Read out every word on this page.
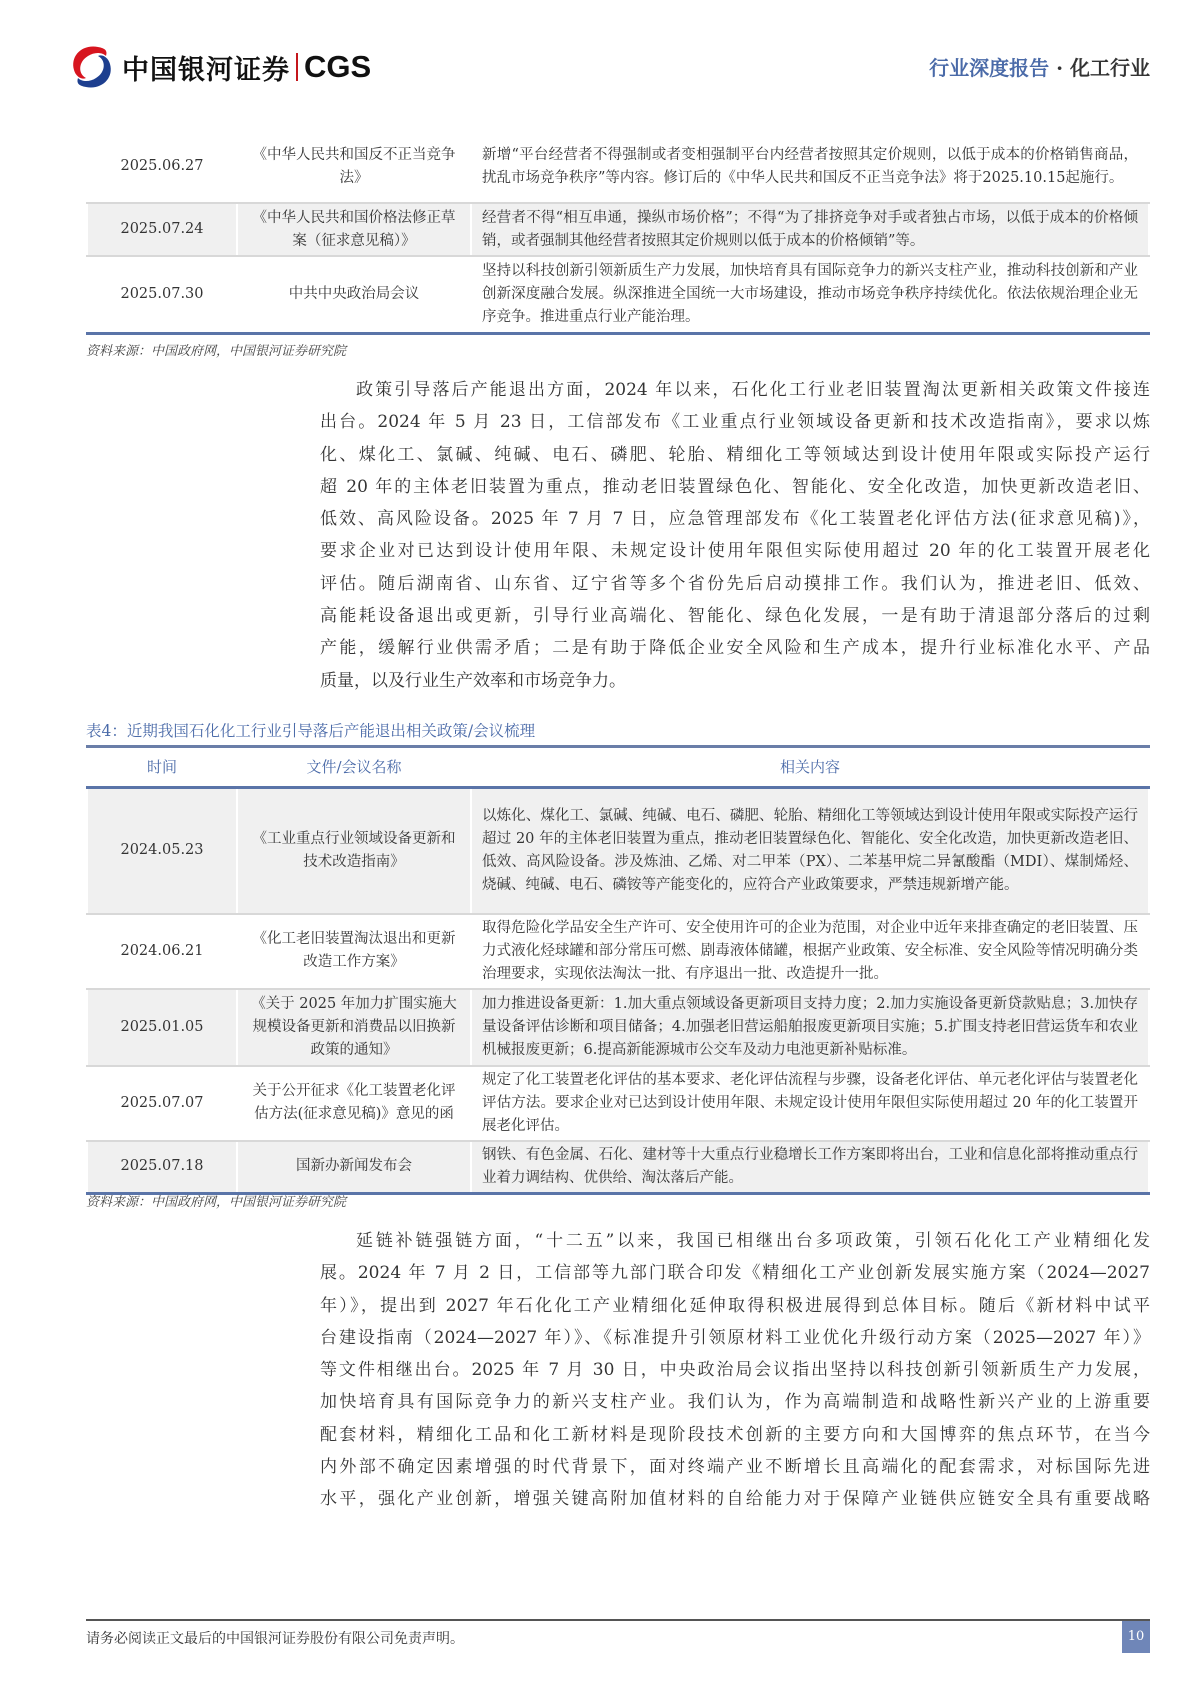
中国银河证券 CGS	行业深度报告 · 化工行业
2025.06.27	《中华人民共和国反不正当竞争法》	新增“平台经营者不得强制或者变相强制平台内经营者按照其定价规则，以低于成本的价格销售商品，扰乱市场竞争秩序”等内容。修订后的《中华人民共和国反不正当竞争法》将于2025.10.15起施行。
2025.07.24	《中华人民共和国价格法修正草案（征求意见稿）》	经营者不得“相互串通，操纵市场价格”；不得“为了排挤竞争对手或者独占市场，以低于成本的价格倾销，或者强制其他经营者按照其定价规则以低于成本的价格倾销”等。
2025.07.30	中共中央政治局会议	坚持以科技创新引领新质生产力发展，加快培育具有国际竞争力的新兴支柱产业，推动科技创新和产业创新深度融合发展。纵深推进全国统一大市场建设，推动市场竞争秩序持续优化。依法依规治理企业无序竞争。推进重点行业产能治理。
资料来源：中国政府网，中国银河证券研究院
政策引导落后产能退出方面，2024 年以来，石化化工行业老旧装置淘汰更新相关政策文件接连
出台。2024 年 5 月 23 日，工信部发布《工业重点行业领域设备更新和技术改造指南》，要求以炼
化、煤化工、氯碱、纯碱、电石、磷肥、轮胎、精细化工等领域达到设计使用年限或实际投产运行
超 20 年的主体老旧装置为重点，推动老旧装置绿色化、智能化、安全化改造，加快更新改造老旧、
低效、高风险设备。2025 年 7 月 7 日，应急管理部发布《化工装置老化评估方法(征求意见稿)》，
要求企业对已达到设计使用年限、未规定设计使用年限但实际使用超过 20 年的化工装置开展老化
评估。随后湖南省、山东省、辽宁省等多个省份先后启动摸排工作。我们认为，推进老旧、低效、
高能耗设备退出或更新，引导行业高端化、智能化、绿色化发展，一是有助于清退部分落后的过剩
产能，缓解行业供需矛盾；二是有助于降低企业安全风险和生产成本，提升行业标准化水平、产品
质量，以及行业生产效率和市场竞争力。
表4：近期我国石化化工行业引导落后产能退出相关政策/会议梳理
时间	文件/会议名称	相关内容
2024.05.23	《工业重点行业领域设备更新和技术改造指南》	以炼化、煤化工、氯碱、纯碱、电石、磷肥、轮胎、精细化工等领域达到设计使用年限或实际投产运行超过 20 年的主体老旧装置为重点，推动老旧装置绿色化、智能化、安全化改造，加快更新改造老旧、低效、高风险设备。涉及炼油、乙烯、对二甲苯（PX）、二苯基甲烷二异氰酸酯（MDI）、煤制烯烃、烧碱、纯碱、电石、磷铵等产能变化的，应符合产业政策要求，严禁违规新增产能。
2024.06.21	《化工老旧装置淘汰退出和更新改造工作方案》	取得危险化学品安全生产许可、安全使用许可的企业为范围，对企业中近年来排查确定的老旧装置、压力式液化烃球罐和部分常压可燃、剧毒液体储罐，根据产业政策、安全标准、安全风险等情况明确分类治理要求，实现依法淘汰一批、有序退出一批、改造提升一批。
2025.01.05	《关于 2025 年加力扩围实施大规模设备更新和消费品以旧换新政策的通知》	加力推进设备更新：1.加大重点领域设备更新项目支持力度；2.加力实施设备更新贷款贴息；3.加快存量设备评估诊断和项目储备；4.加强老旧营运船舶报废更新项目实施；5.扩围支持老旧营运货车和农业机械报废更新；6.提高新能源城市公交车及动力电池更新补贴标准。
2025.07.07	关于公开征求《化工装置老化评估方法(征求意见稿)》意见的函	规定了化工装置老化评估的基本要求、老化评估流程与步骤，设备老化评估、单元老化评估与装置老化评估方法。要求企业对已达到设计使用年限、未规定设计使用年限但实际使用超过 20 年的化工装置开展老化评估。
2025.07.18	国新办新闻发布会	钢铁、有色金属、石化、建材等十大重点行业稳增长工作方案即将出台，工业和信息化部将推动重点行业着力调结构、优供给、淘汰落后产能。
资料来源：中国政府网，中国银河证券研究院
延链补链强链方面，“十二五”以来，我国已相继出台多项政策，引领石化化工产业精细化发
展。2024 年 7 月 2 日，工信部等九部门联合印发《精细化工产业创新发展实施方案（2024—2027
年）》，提出到 2027 年石化化工产业精细化延伸取得积极进展得到总体目标。随后《新材料中试平
台建设指南（2024—2027 年）》、《标准提升引领原材料工业优化升级行动方案（2025—2027 年）》
等文件相继出台。2025 年 7 月 30 日，中央政治局会议指出坚持以科技创新引领新质生产力发展，
加快培育具有国际竞争力的新兴支柱产业。我们认为，作为高端制造和战略性新兴产业的上游重要
配套材料，精细化工品和化工新材料是现阶段技术创新的主要方向和大国博弈的焦点环节，在当今
内外部不确定因素增强的时代背景下，面对终端产业不断增长且高端化的配套需求，对标国际先进
水平，强化产业创新，增强关键高附加值材料的自给能力对于保障产业链供应链安全具有重要战略
请务必阅读正文最后的中国银河证券股份有限公司免责声明。	10
